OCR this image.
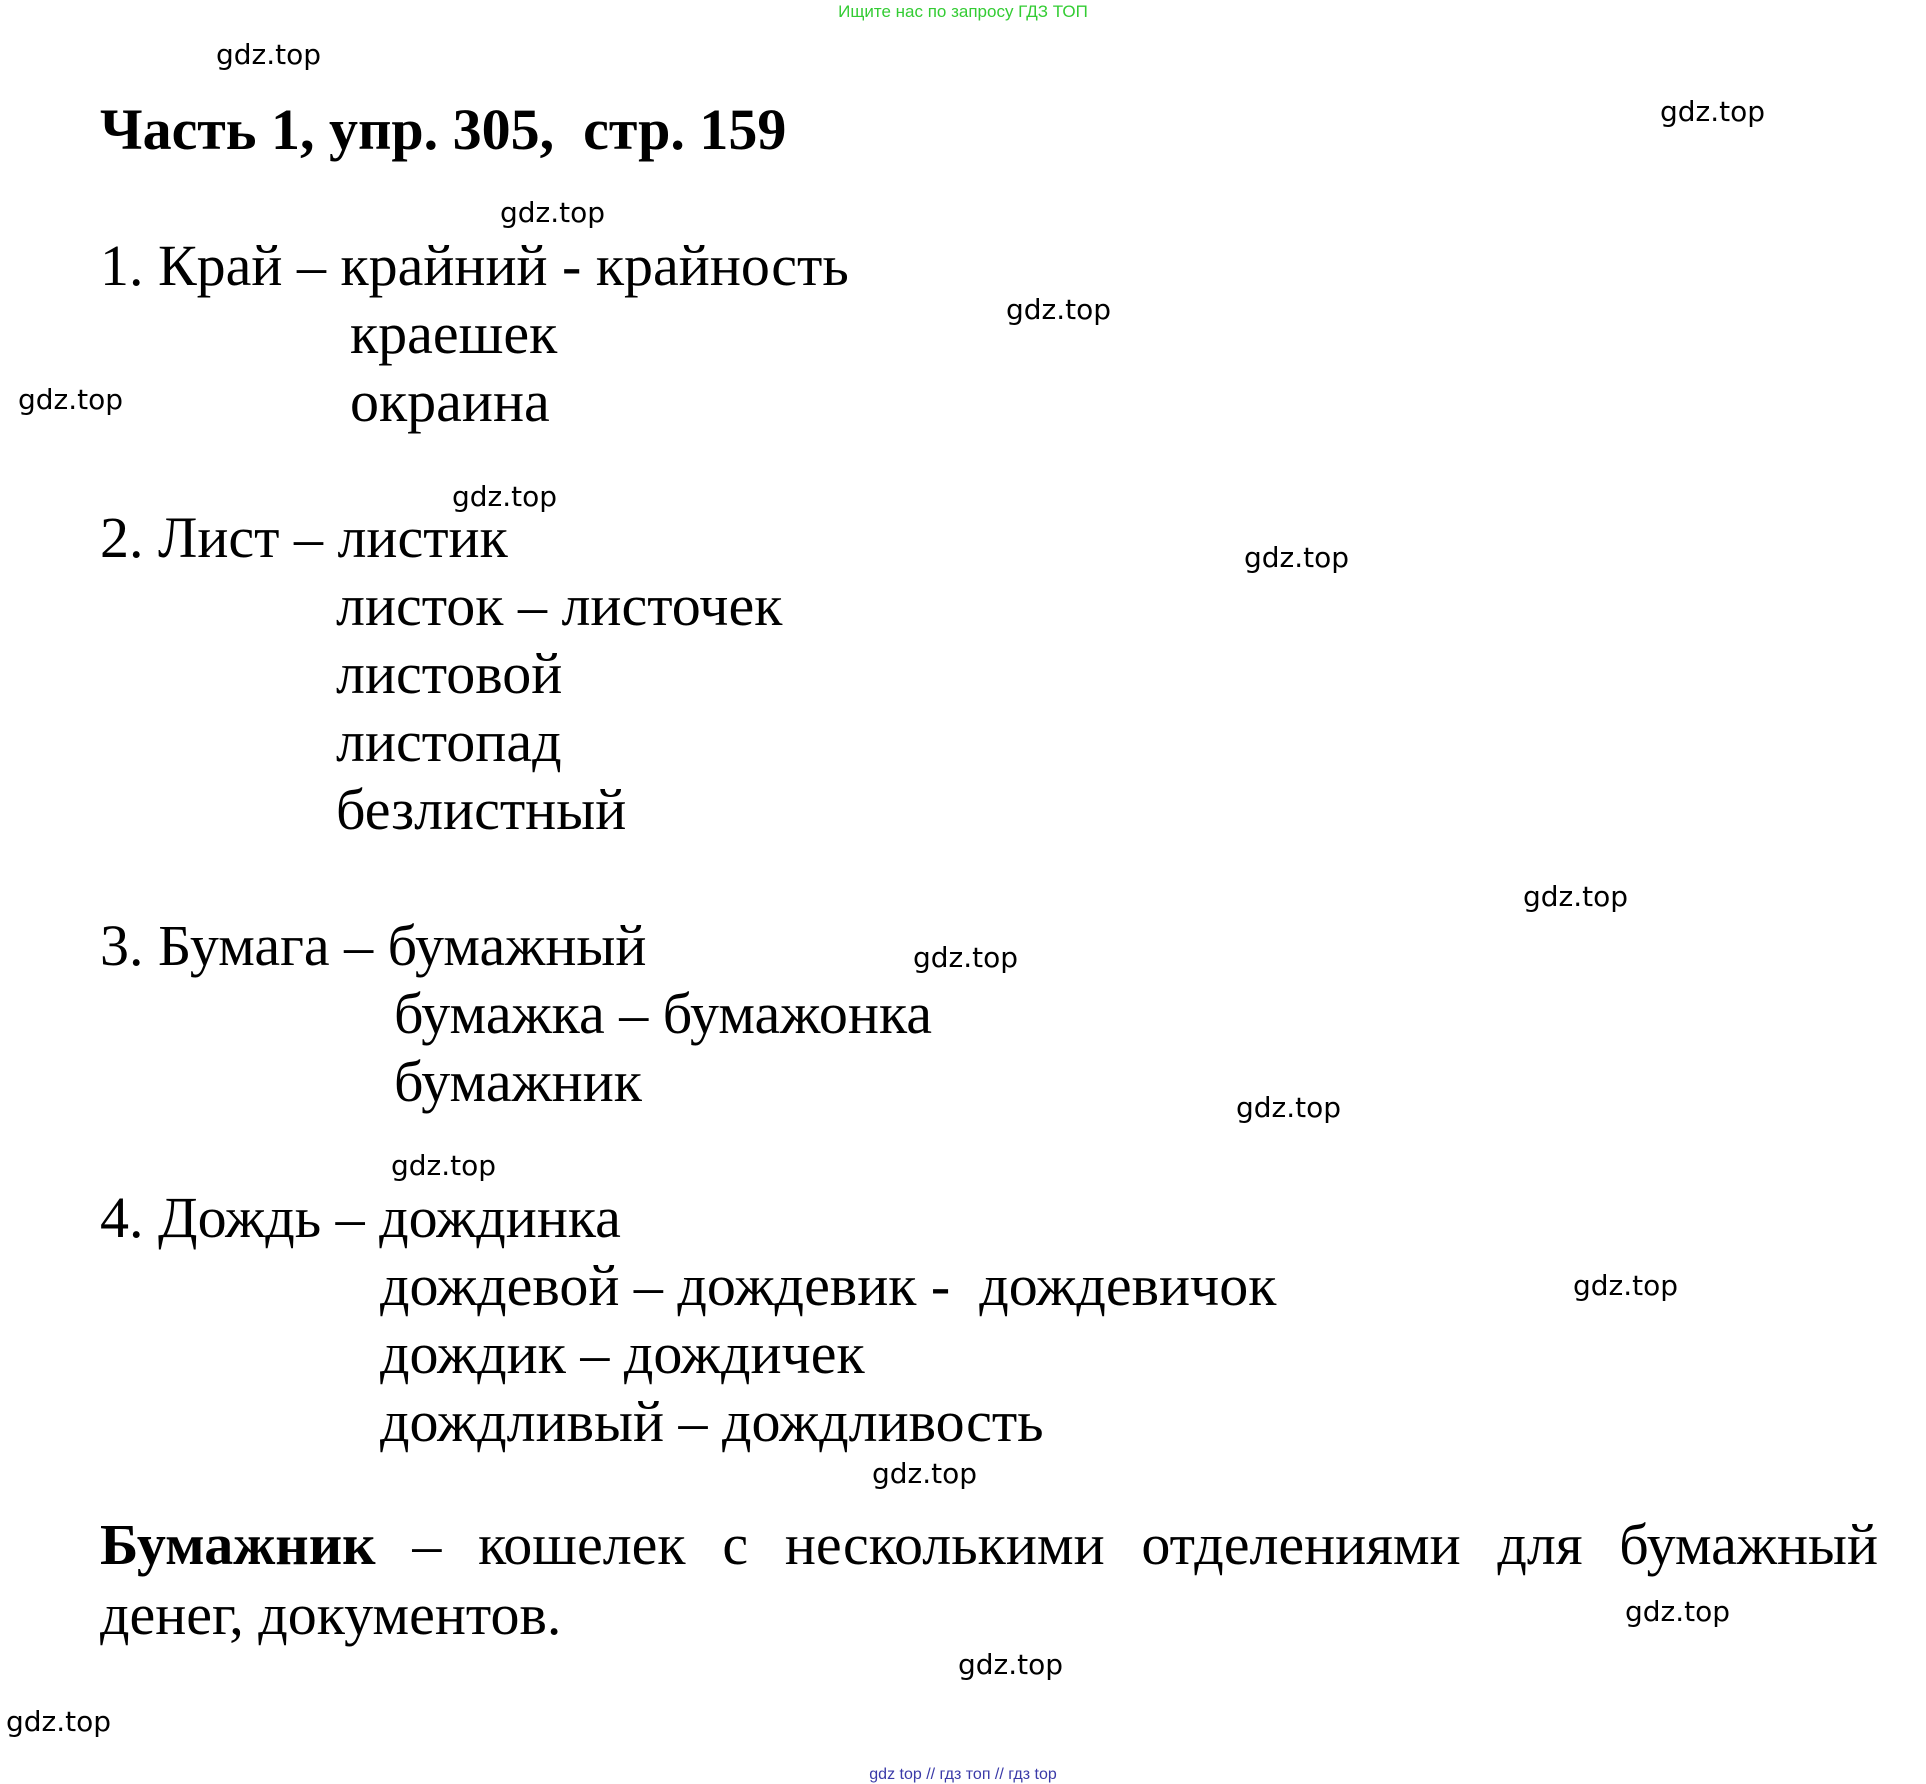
Ищите нас по запросу ГДЗ ТОП
Часть 1, упр. 305,  стр. 159
1. Край – крайний - крайность
краешек
окраина
2. Лист – листик
листок – листочек
листовой
листопад
безлистный
3. Бумага – бумажный
бумажка – бумажонка
бумажник
4. Дождь – дождинка
дождевой – дождевик -  дождевичок
дождик – дождичек
дождливый – дождливость
Бумажник – кошелек с несколькими отделениями для бумажный денег, документов.
gdz.top
gdz.top
gdz.top
gdz.top
gdz.top
gdz.top
gdz.top
gdz.top
gdz.top
gdz.top
gdz.top
gdz.top
gdz.top
gdz.top
gdz.top
gdz.top
gdz top // гдз топ // гдз top
